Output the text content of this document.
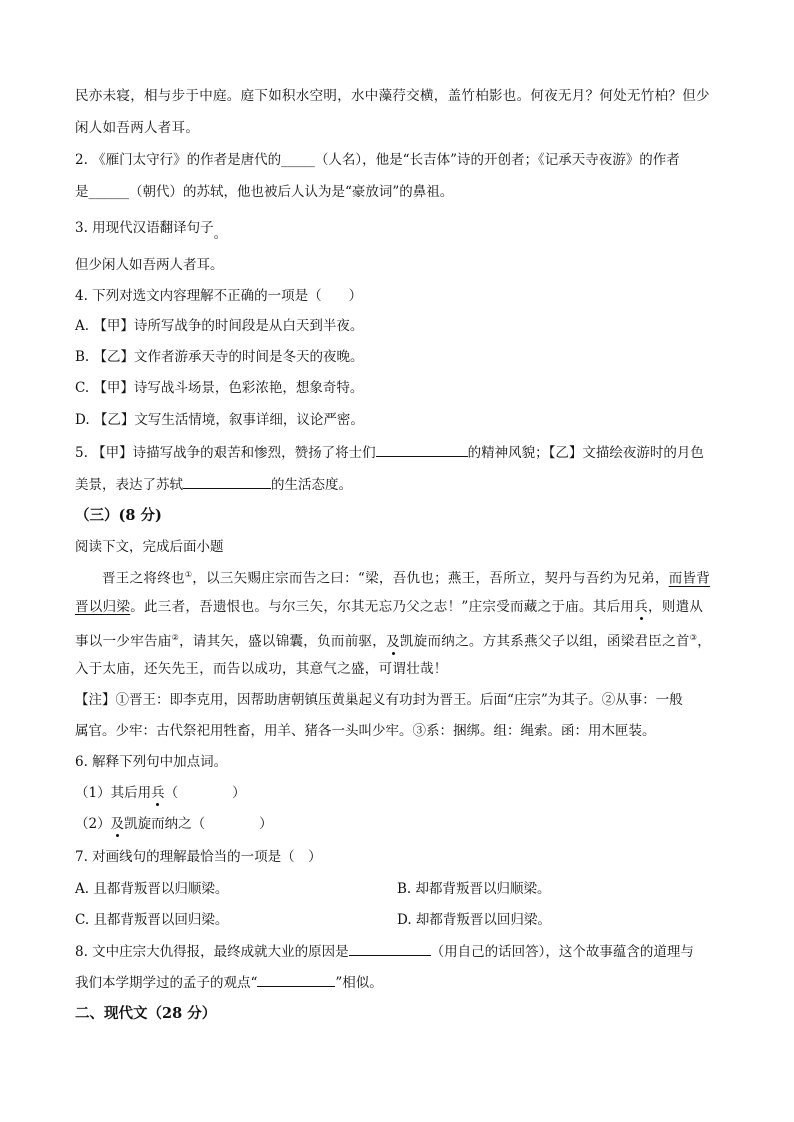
民亦未寝，相与步于中庭。庭下如积水空明，水中藻荇交横，盖竹柏影也。何夜无月？何处无竹柏？但少
闲人如吾两人者耳。
2. 《雁门太守行》的作者是唐代的_____（人名），他是“长吉体”诗的开创者；《记承天寺夜游》的作者
是______（朝代）的苏轼，他也被后人认为是“豪放词”的鼻祖。
3. 用现代汉语翻译句子。
但少闲人如吾两人者耳。
4. 下列对选文内容理解不正确的一项是（　　）
A. 【甲】诗所写战争的时间段是从白天到半夜。
B. 【乙】文作者游承天寺的时间是冬天的夜晚。
C. 【甲】诗写战斗场景，色彩浓艳，想象奇特。
D. 【乙】文写生活情境，叙事详细，议论严密。
5. 【甲】诗描写战争的艰苦和惨烈，赞扬了将士们	的精神风貌；【乙】文描绘夜游时的月色
美景，表达了苏轼	的生活态度。
（三）(8 分)
阅读下文，完成后面小题
晋王之将终也①，以三矢赐庄宗而告之曰：“梁，吾仇也；燕王，吾所立，契丹与吾约为兄弟，而皆背
晋以归梁。此三者，吾遗恨也。与尔三矢，尔其无忘乃父之志！”庄宗受而藏之于庙。其后用兵，则遣从
事以一少牢告庙②，请其矢，盛以锦囊，负而前驱，及凯旋而纳之。方其系燕父子以组，函梁君臣之首③，
入于太庙，还矢先王，而告以成功，其意气之盛，可谓壮哉！
【注】①晋王：即李克用，因帮助唐朝镇压黄巢起义有功封为晋王。后面“庄宗”为其子。②从事：一般
属官。少牢：古代祭祀用牲畜，用羊、猪各一头叫少牢。③系：捆绑。组：绳索。函：用木匣装。
6. 解释下列句中加点词。
（1）其后用兵（　　　　）
（2）及凯旋而纳之（　　　　）
7. 对画线句的理解最恰当的一项是（　）
A. 且都背叛晋以归顺梁。	B. 却都背叛晋以归顺梁。
C. 且都背叛晋以回归梁。	D. 却都背叛晋以回归梁。
8. 文中庄宗大仇得报，最终成就大业的原因是	（用自己的话回答），这个故事蕴含的道理与
我们本学期学过的孟子的观点“	”相似。
二、现代文（28 分）
